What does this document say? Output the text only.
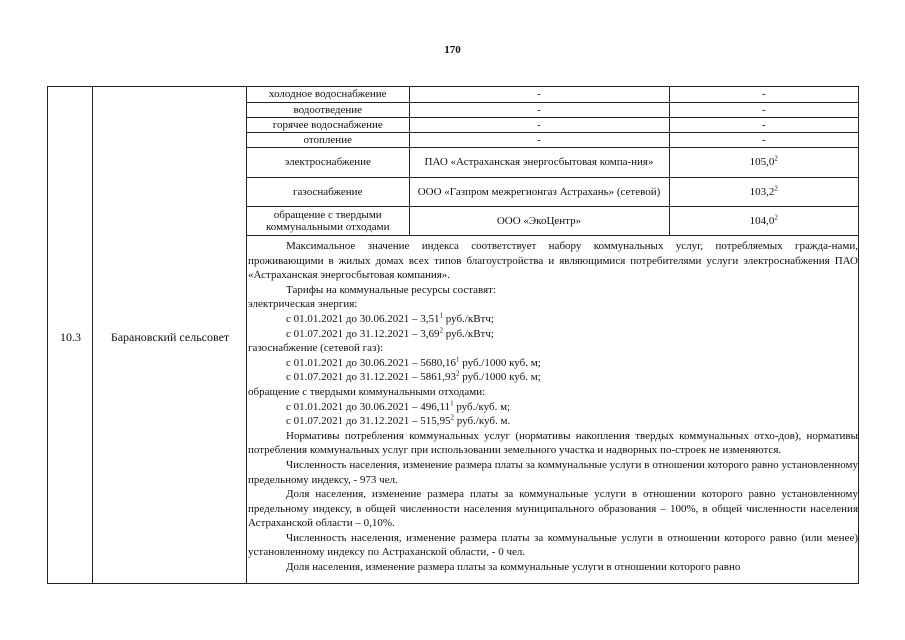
170
10.3	Барановский сельсовет
холодное водоснабжение	-	-
водоотведение	-	-
горячее водоснабжение	-	-
отопление	-	-
электроснабжение	ПАО «Астраханская энергосбытовая компа-ния»	105,0$^2$
газоснабжение	ООО «Газпром межрегионгаз Астрахань» (сетевой)	103,2$^2$
обращение с твердыми коммунальными отходами	ООО «ЭкоЦентр»	104,0$^2$

Максимальное значение индекса соответствует набору коммунальных услуг, потребляемых гражда-нами, проживающими в жилых домах всех типов благоустройства и являющимися потребителями услуги электроснабжения ПАО «Астраханская энергосбытовая компания».

Тарифы на коммунальные ресурсы составят:

электрическая энергия:

с 01.01.2021 до 30.06.2021 – 3,51$^1$ руб./кВтч;

с 01.07.2021 до 31.12.2021 – 3,69$^2$ руб./кВтч;

газоснабжение (сетевой газ):

с 01.01.2021 до 30.06.2021 – 5680,16$^1$ руб./1000 куб. м;

с 01.07.2021 до 31.12.2021 – 5861,93$^2$ руб./1000 куб. м;

обращение с твердыми коммунальными отходами:

с 01.01.2021 до 30.06.2021 – 496,11$^1$ руб./куб. м;

с 01.07.2021 до 31.12.2021 – 515,95$^2$ руб./куб. м.

Нормативы потребления коммунальных услуг (нормативы накопления твердых коммунальных отхо-дов), нормативы потребления коммунальных услуг при использовании земельного участка и надворных по-строек не изменяются.

Численность населения, изменение размера платы за коммунальные услуги в отношении которого равно установленному предельному индексу, - 973 чел.

Доля населения, изменение размера платы за коммунальные услуги в отношении которого равно установленному предельному индексу, в общей численности населения муниципального образования – 100%, в общей численности населения Астраханской области – 0,10%.

Численность населения, изменение размера платы за коммунальные услуги в отношении которого равно (или менее) установленному индексу по Астраханской области, - 0 чел.

Доля населения, изменение размера платы за коммунальные услуги в отношении которого равно
